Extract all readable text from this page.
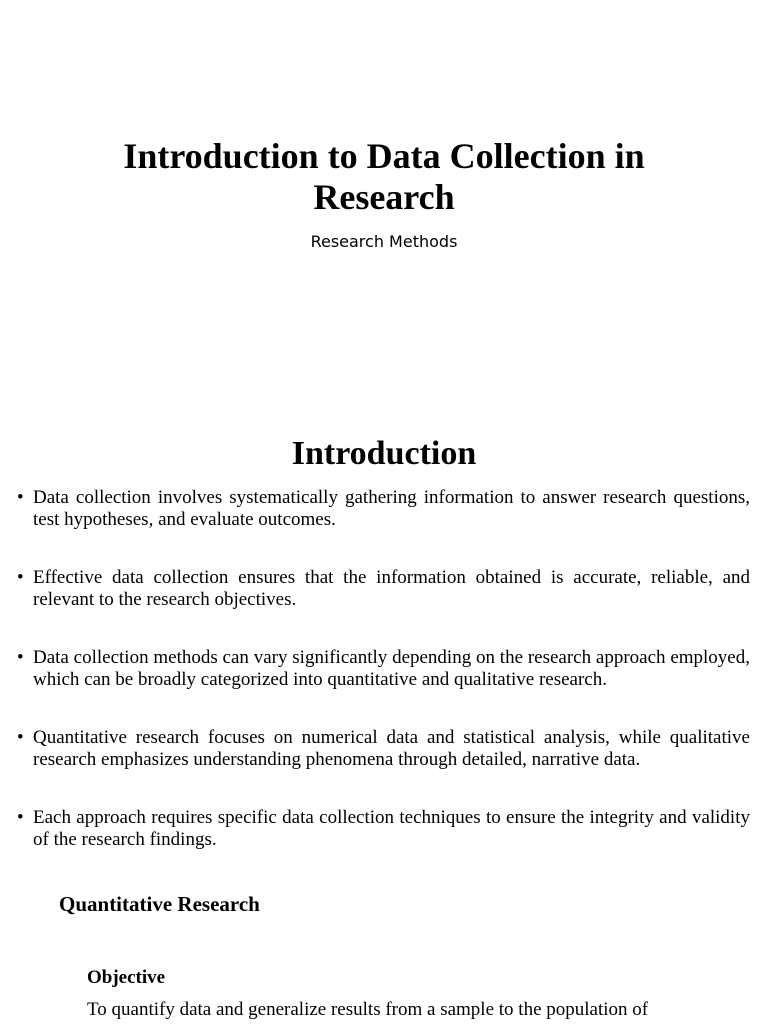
Introduction to Data Collection in Research
Research Methods
Introduction
• Data collection involves systematically gathering information to answer research questions, test hypotheses, and evaluate outcomes.
• Effective data collection ensures that the information obtained is accurate, reliable, and relevant to the research objectives.
• Data collection methods can vary significantly depending on the research approach employed, which can be broadly categorized into quantitative and qualitative research.
• Quantitative research focuses on numerical data and statistical analysis, while qualitative research emphasizes understanding phenomena through detailed, narrative data.
• Each approach requires specific data collection techniques to ensure the integrity and validity of the research findings.
Quantitative Research
Objective

To quantify data and generalize results from a sample to the population of
